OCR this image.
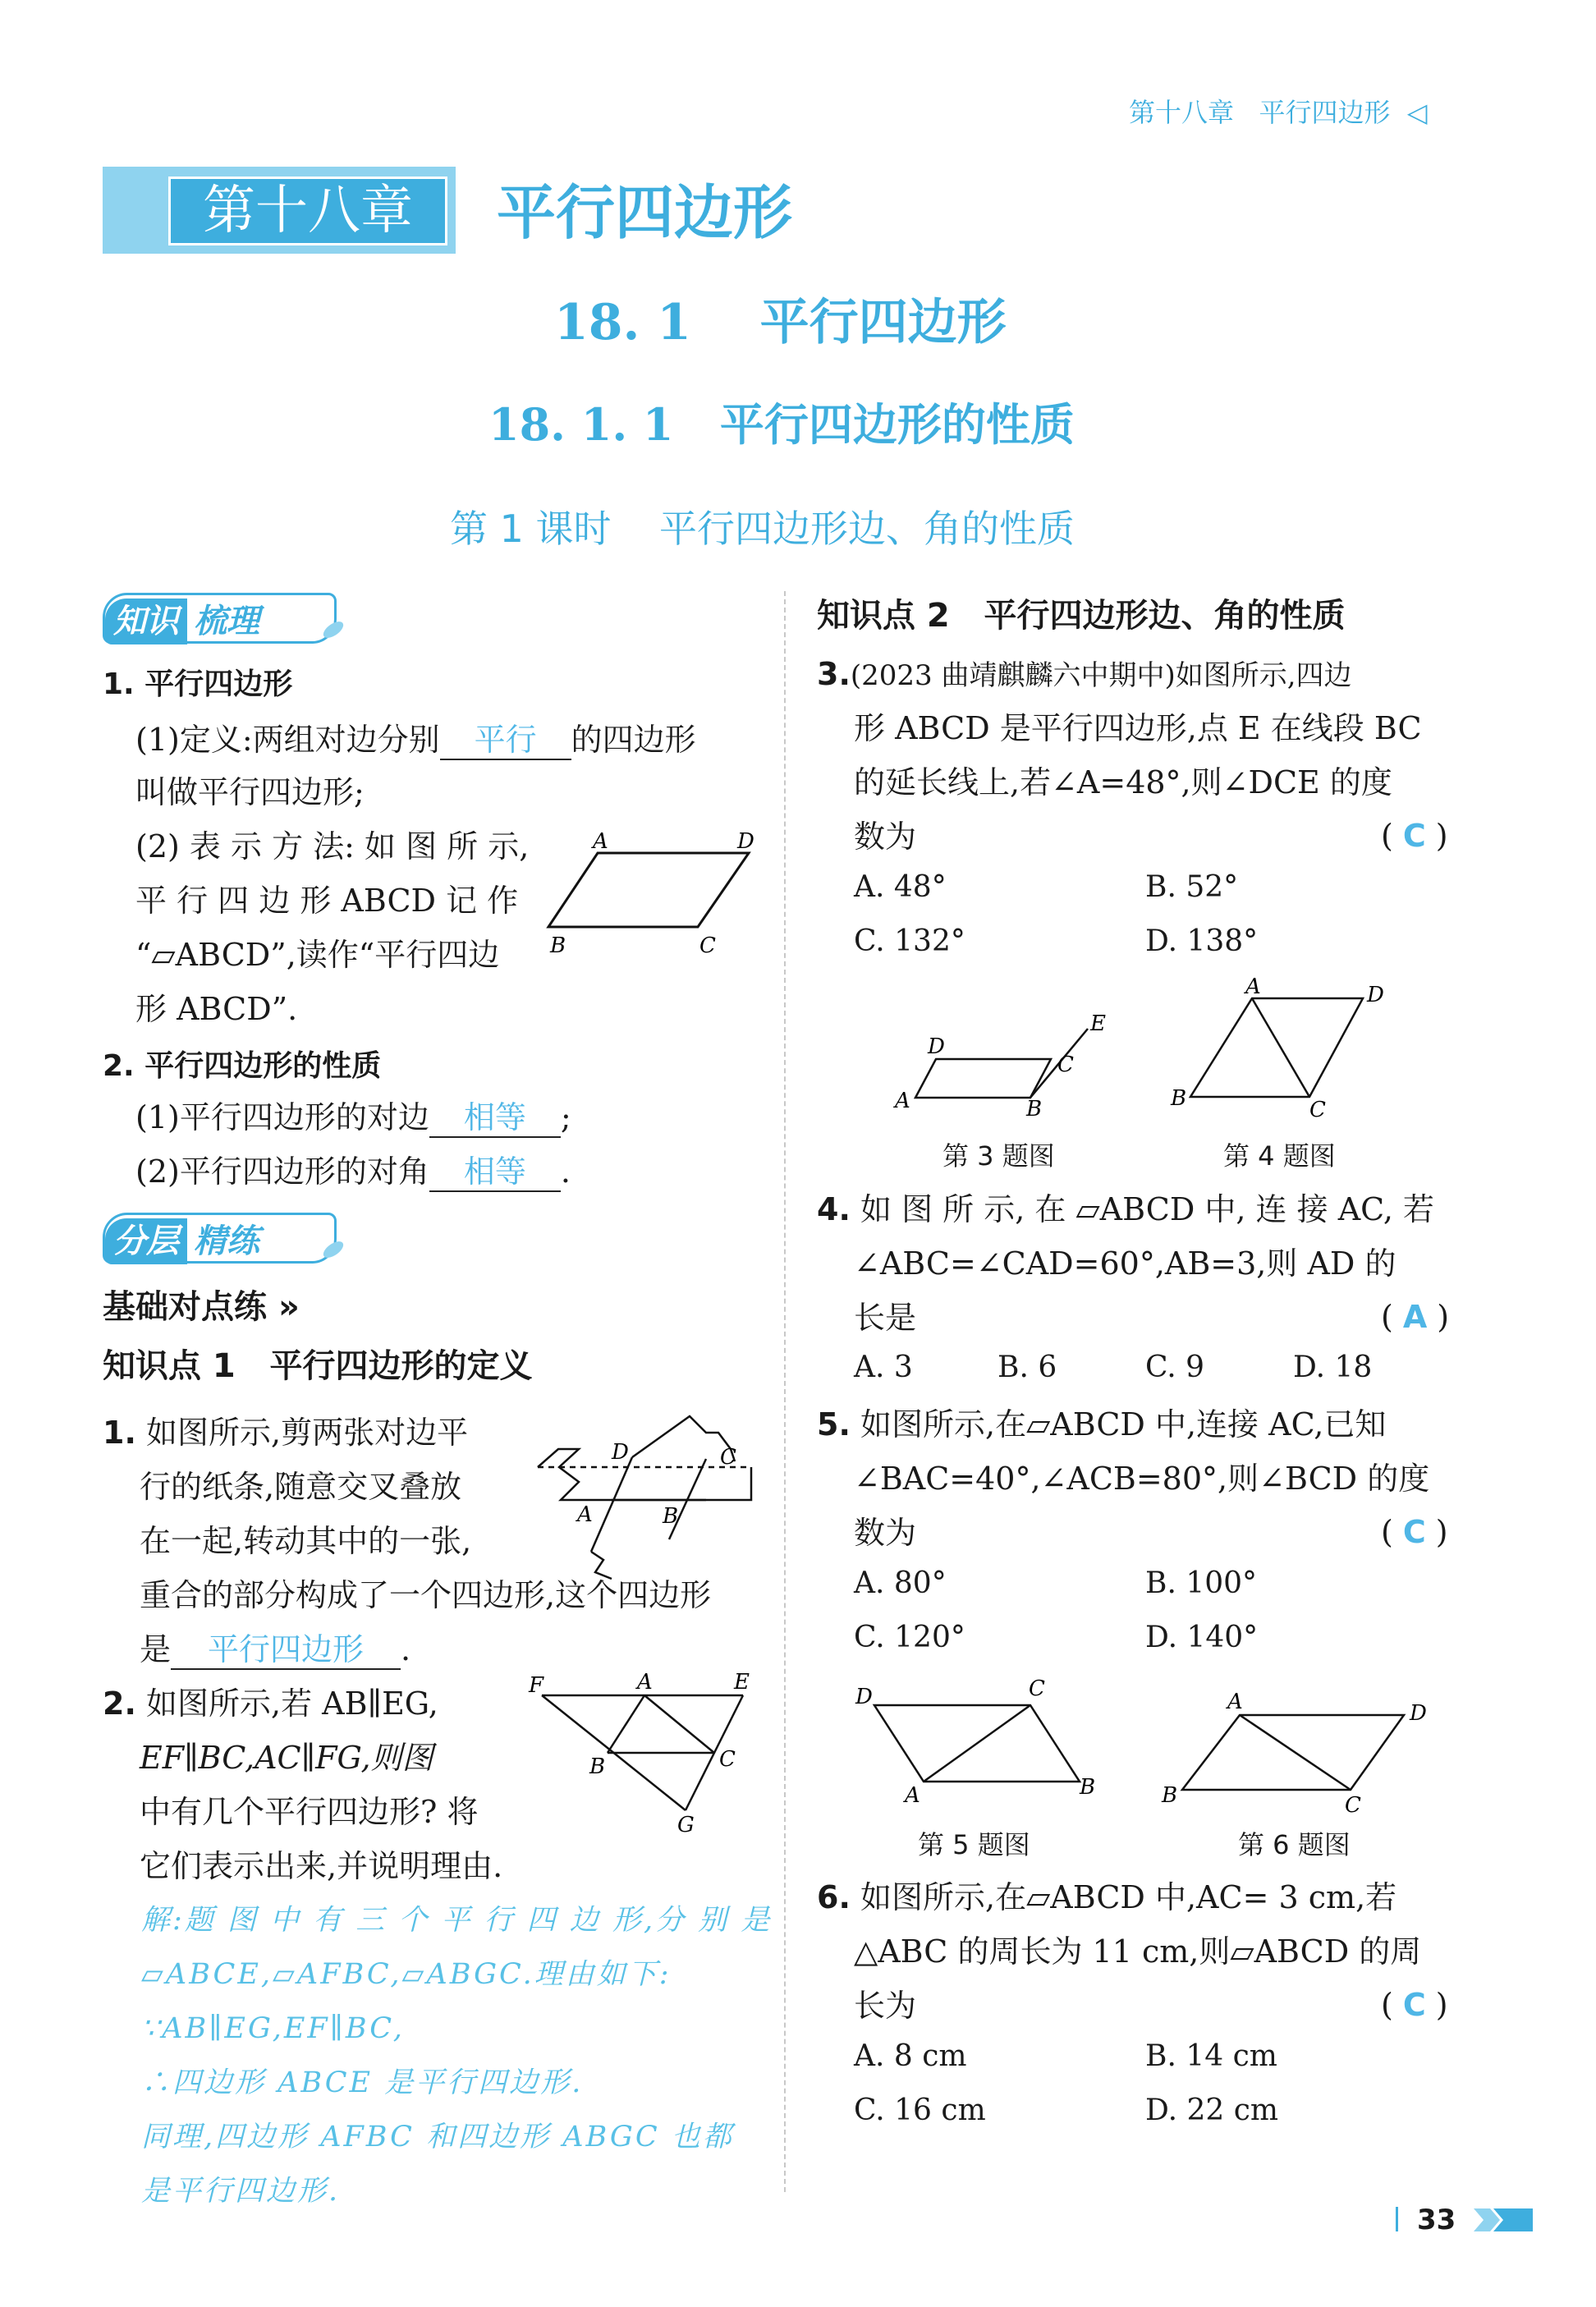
第十八章 平行四边形 ◁
第十八章	平行四边形
18. 1 平行四边形
18. 1. 1 平行四边形的性质
第 1 课时 平行四边形边、角的性质
知识 梳理
1. 平行四边形
(1)定义:两组对边分别 平行 的四边形
叫做平行四边形;
(2) 表 示 方 法: 如 图 所 示,
平 行 四 边 形 ABCD 记 作
“▱ABCD”,读作“平行四边
形 ABCD”.
A	D
B	C
2. 平行四边形的性质
(1)平行四边形的对边 相等 ;
(2)平行四边形的对角 相等 .
分层 精练
基础对点练 »
知识点 1 平行四边形的定义
1. 如图所示,剪两张对边平
行的纸条,随意交叉叠放
在一起,转动其中的一张,
重合的部分构成了一个四边形,这个四边形
是 平行四边形 .
D	C
A	B
2. 如图所示,若 AB∥EG,
EF∥BC,AC∥FG,则图
中有几个平行四边形? 将
它们表示出来,并说明理由.
F	A	E
B	C
G
解:题 图 中 有 三 个 平 行 四 边 形,分 别 是
▱ABCE,▱AFBC,▱ABGC.理由如下:
∵AB∥EG,EF∥BC,
∴四边形 ABCE 是平行四边形.
同理,四边形 AFBC 和四边形 ABGC 也都
是平行四边形.
知识点 2 平行四边形边、角的性质
3.(2023 曲靖麒麟六中期中)如图所示,四边
形 ABCD 是平行四边形,点 E 在线段 BC
的延长线上,若∠A=48°,则∠DCE 的度
数为	( C )
A. 48°	B. 52°
C. 132°	D. 138°
D
C
E
A	B
A	D
B	C
第 3 题图	第 4 题图
4. 如 图 所 示, 在 ▱ABCD 中, 连 接 AC, 若
∠ABC=∠CAD=60°,AB=3,则 AD 的
长是	( A )
A. 3	B. 6	C. 9	D. 18
5. 如图所示,在▱ABCD 中,连接 AC,已知
∠BAC=40°,∠ACB=80°,则∠BCD 的度
数为	( C )
A. 80°	B. 100°
C. 120°	D. 140°
D	C
A	B
A	D
B	C
第 5 题图	第 6 题图
6. 如图所示,在▱ABCD 中,AC= 3 cm,若
△ABC 的周长为 11 cm,则▱ABCD 的周
长为	( C )
A. 8 cm	B. 14 cm
C. 16 cm	D. 22 cm
33
